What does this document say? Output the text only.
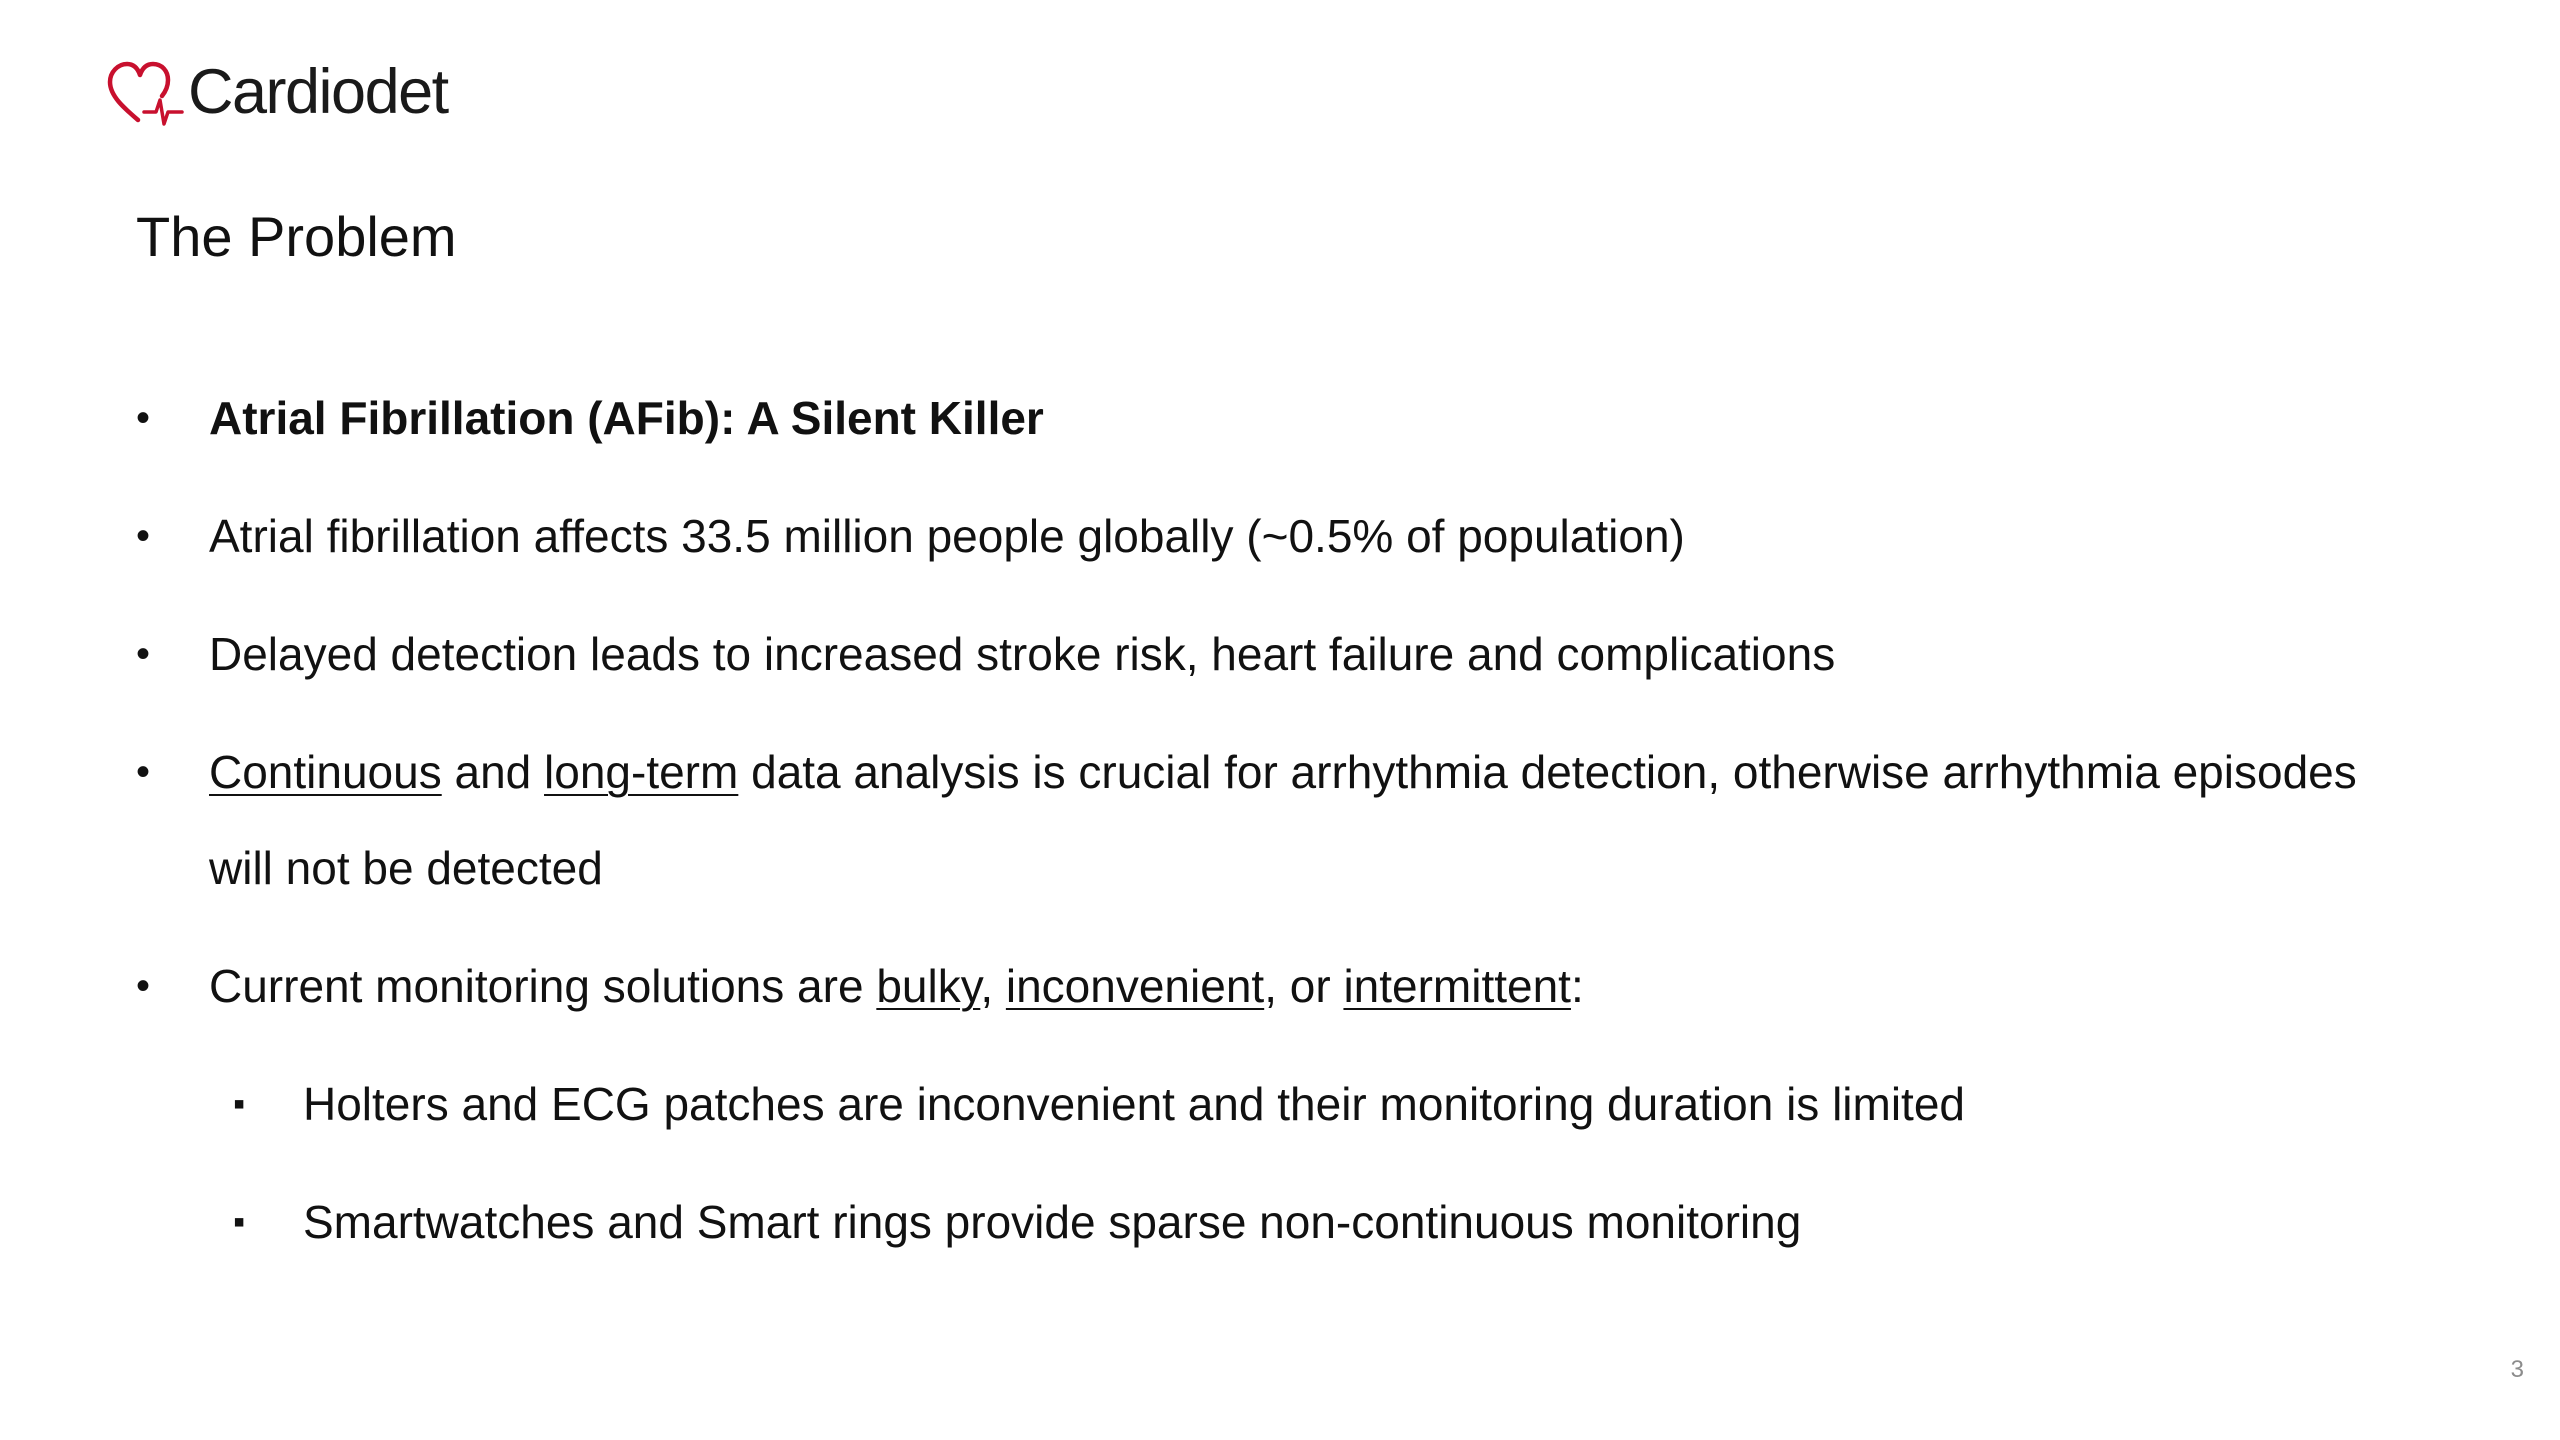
Cardiodet
The Problem
•	Atrial Fibrillation (AFib): A Silent Killer
•	Atrial fibrillation affects 33.5 million people globally (~0.5% of population)
•	Delayed detection leads to increased stroke risk, heart failure and complications
•	Continuous and long-term data analysis is crucial for arrhythmia detection, otherwise arrhythmia episodes will not be detected
•	Current monitoring solutions are bulky, inconvenient, or intermittent:
▪	Holters and ECG patches are inconvenient and their monitoring duration is limited
▪	Smartwatches and Smart rings provide sparse non-continuous monitoring
3
